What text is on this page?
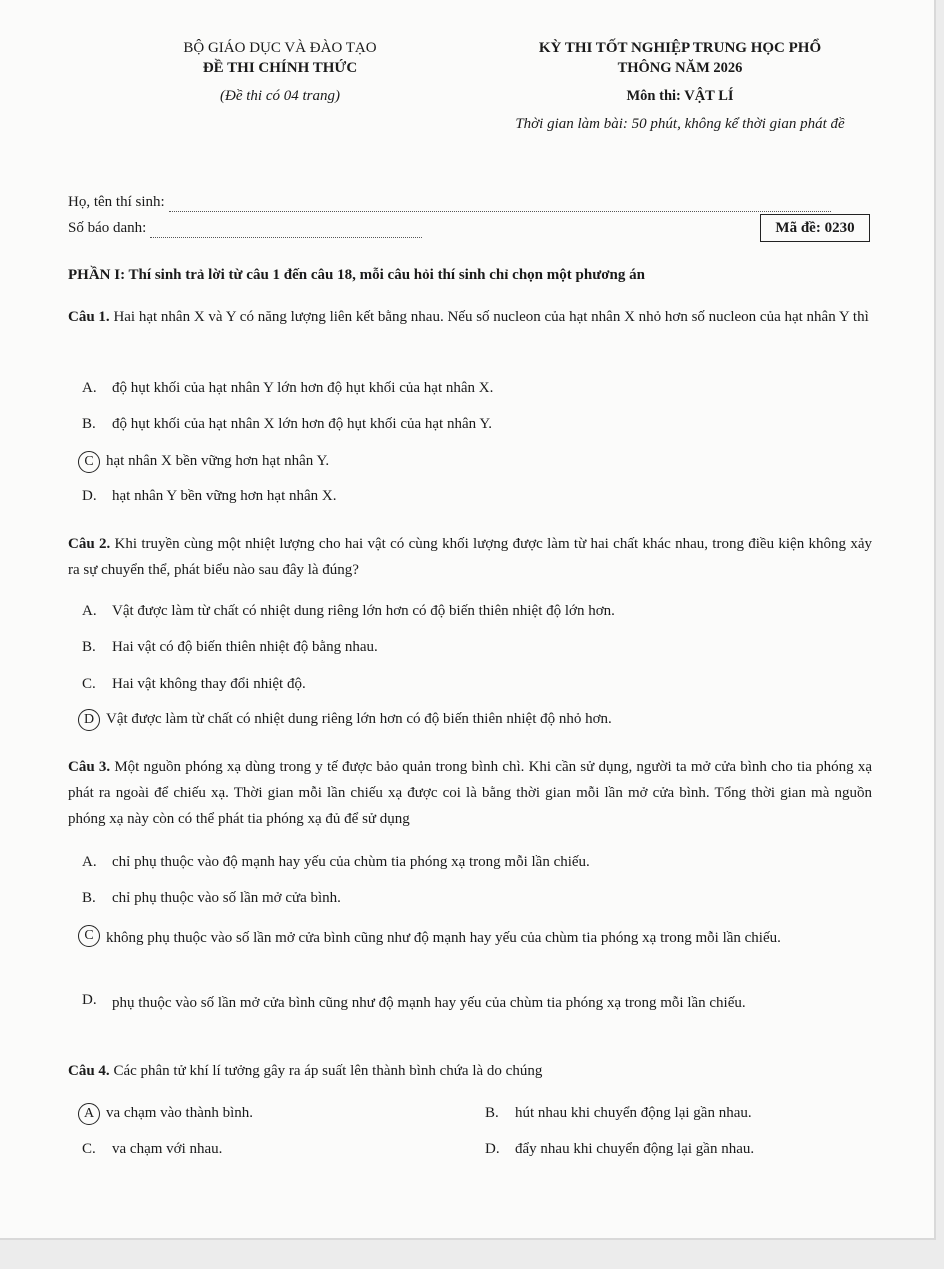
BỘ GIÁO DỤC VÀ ĐÀO TẠO
ĐỀ THI CHÍNH THỨC
(Đề thi có 04 trang)
KỲ THI TỐT NGHIỆP TRUNG HỌC PHỔ
THÔNG NĂM 2026
Môn thi: VẬT LÍ
Thời gian làm bài: 50 phút, không kể thời gian phát đề
Họ, tên thí sinh:
Số báo danh:	Mã đề: 0230
PHẦN I: Thí sinh trả lời từ câu 1 đến câu 18, mỗi câu hỏi thí sinh chỉ chọn một phương án
Câu 1. Hai hạt nhân X và Y có năng lượng liên kết bằng nhau. Nếu số nucleon của hạt nhân X nhỏ hơn số nucleon của hạt nhân Y thì
A. độ hụt khối của hạt nhân Y lớn hơn độ hụt khối của hạt nhân X.
B. độ hụt khối của hạt nhân X lớn hơn độ hụt khối của hạt nhân Y.
C hạt nhân X bền vững hơn hạt nhân Y.
D. hạt nhân Y bền vững hơn hạt nhân X.
Câu 2. Khi truyền cùng một nhiệt lượng cho hai vật có cùng khối lượng được làm từ hai chất khác nhau, trong điều kiện không xảy ra sự chuyển thể, phát biểu nào sau đây là đúng?
A. Vật được làm từ chất có nhiệt dung riêng lớn hơn có độ biến thiên nhiệt độ lớn hơn.
B. Hai vật có độ biến thiên nhiệt độ bằng nhau.
C. Hai vật không thay đổi nhiệt độ.
D Vật được làm từ chất có nhiệt dung riêng lớn hơn có độ biến thiên nhiệt độ nhỏ hơn.
Câu 3. Một nguồn phóng xạ dùng trong y tế được bảo quản trong bình chì. Khi cần sử dụng, người ta mở cửa bình cho tia phóng xạ phát ra ngoài để chiếu xạ. Thời gian mỗi lần chiếu xạ được coi là bằng thời gian mỗi lần mở cửa bình. Tổng thời gian mà nguồn phóng xạ này còn có thể phát tia phóng xạ đủ để sử dụng
A. chỉ phụ thuộc vào độ mạnh hay yếu của chùm tia phóng xạ trong mỗi lần chiếu.
B. chỉ phụ thuộc vào số lần mở cửa bình.
C không phụ thuộc vào số lần mở cửa bình cũng như độ mạnh hay yếu của chùm tia phóng xạ trong mỗi lần chiếu.
D.	phụ thuộc vào số lần mở cửa bình cũng như độ mạnh hay yếu của chùm tia phóng xạ trong mỗi lần chiếu.
Câu 4. Các phân tử khí lí tưởng gây ra áp suất lên thành bình chứa là do chúng
A va chạm vào thành bình.	B. hút nhau khi chuyển động lại gần nhau.
C. va chạm với nhau.	D. đẩy nhau khi chuyển động lại gần nhau.
